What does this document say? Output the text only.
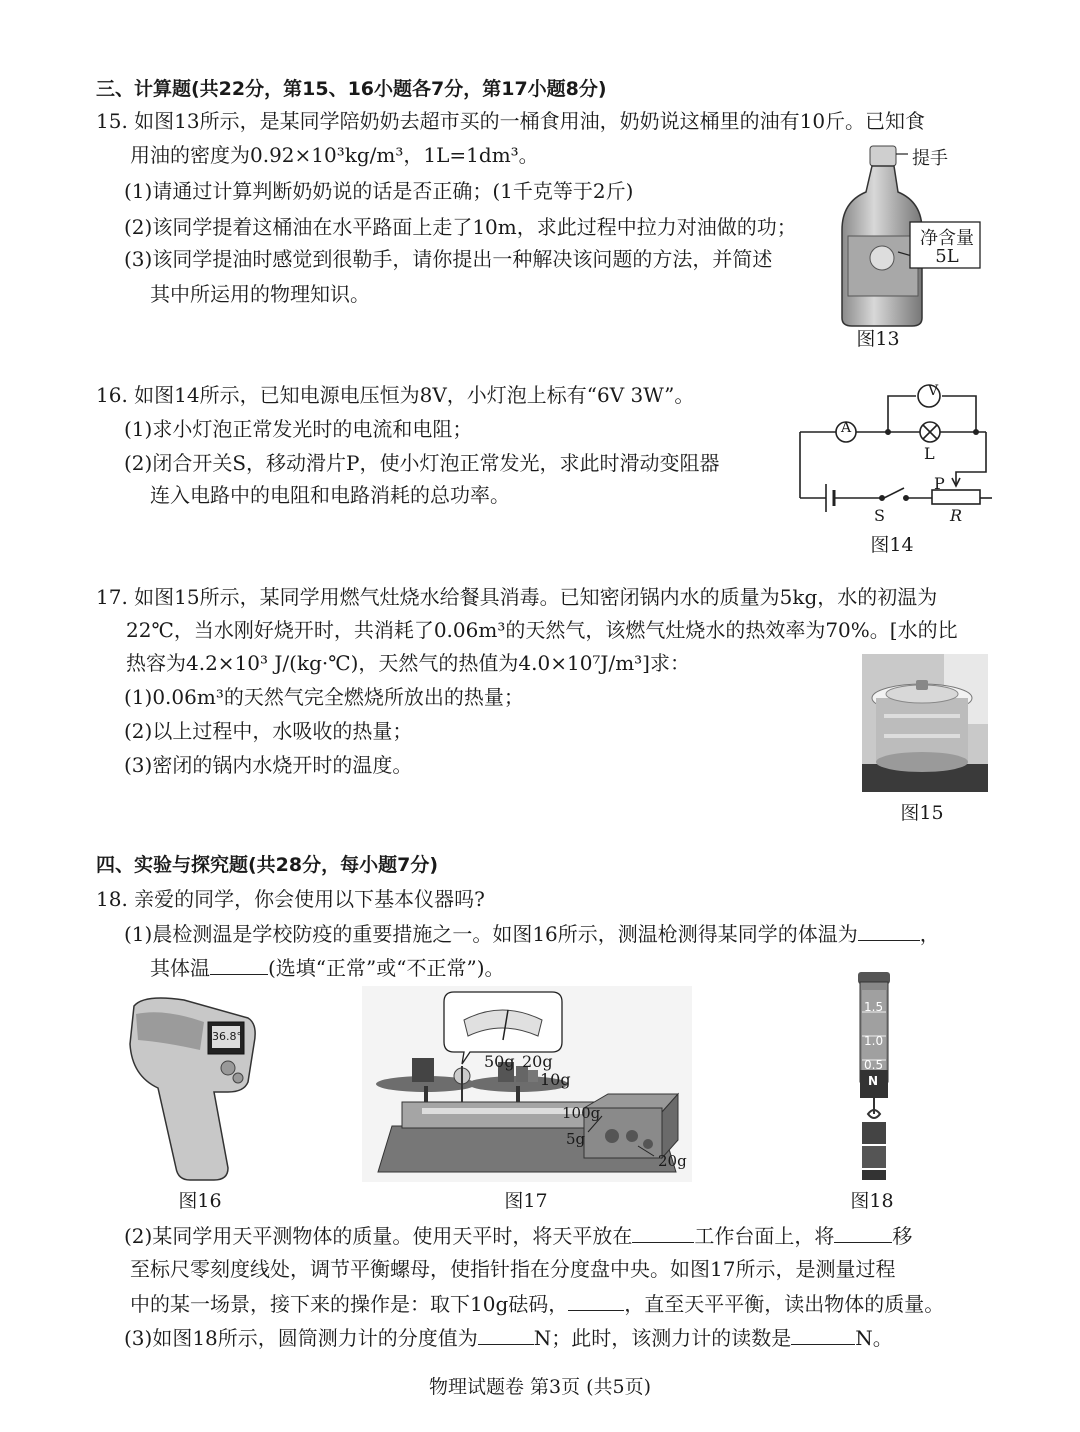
三、计算题(共22分，第15、16小题各7分，第17小题8分)
15. 如图13所示，是某同学陪奶奶去超市买的一桶食用油，奶奶说这桶里的油有10斤。已知食
用油的密度为0.92×10³kg/m³，1L=1dm³。
(1)请通过计算判断奶奶说的话是否正确；(1千克等于2斤)
(2)该同学提着这桶油在水平路面上走了10m，求此过程中拉力对油做的功；
(3)该同学提油时感觉到很勒手，请你提出一种解决该问题的方法，并简述
其中所运用的物理知识。
提手
净含量
5L
图13
16. 如图14所示，已知电源电压恒为8V，小灯泡上标有“6V 3W”。
(1)求小灯泡正常发光时的电流和电阻；
(2)闭合开关S，移动滑片P，使小灯泡正常发光，求此时滑动变阻器
连入电路中的电阻和电路消耗的总功率。
V
A
L
P
S	R
图14
17. 如图15所示，某同学用燃气灶烧水给餐具消毒。已知密闭锅内水的质量为5kg，水的初温为
22℃，当水刚好烧开时，共消耗了0.06m³的天然气，该燃气灶烧水的热效率为70%。[水的比
热容为4.2×10³ J/(kg·℃)，天然气的热值为4.0×10⁷J/m³]求：
(1)0.06m³的天然气完全燃烧所放出的热量；
(2)以上过程中，水吸收的热量；
(3)密闭的锅内水烧开时的温度。
图15
四、实验与探究题(共28分，每小题7分)
18. 亲爱的同学，你会使用以下基本仪器吗?
(1)晨检测温是学校防疫的重要措施之一。如图16所示，测温枪测得某同学的体温为	，
其体温	(选填“正常”或“不正常”)。
36.8°
图16
50g 20g
10g
100g
5g
20g
图17
1.5
1.0
0.5
N
图18
(2)某同学用天平测物体的质量。使用天平时，将天平放在	工作台面上，将	移
至标尺零刻度线处，调节平衡螺母，使指针指在分度盘中央。如图17所示，是测量过程
中的某一场景，接下来的操作是：取下10g砝码，	，直至天平平衡，读出物体的质量。
(3)如图18所示，圆筒测力计的分度值为	N；此时，该测力计的读数是	N。
物理试题卷 第3页 (共5页)
